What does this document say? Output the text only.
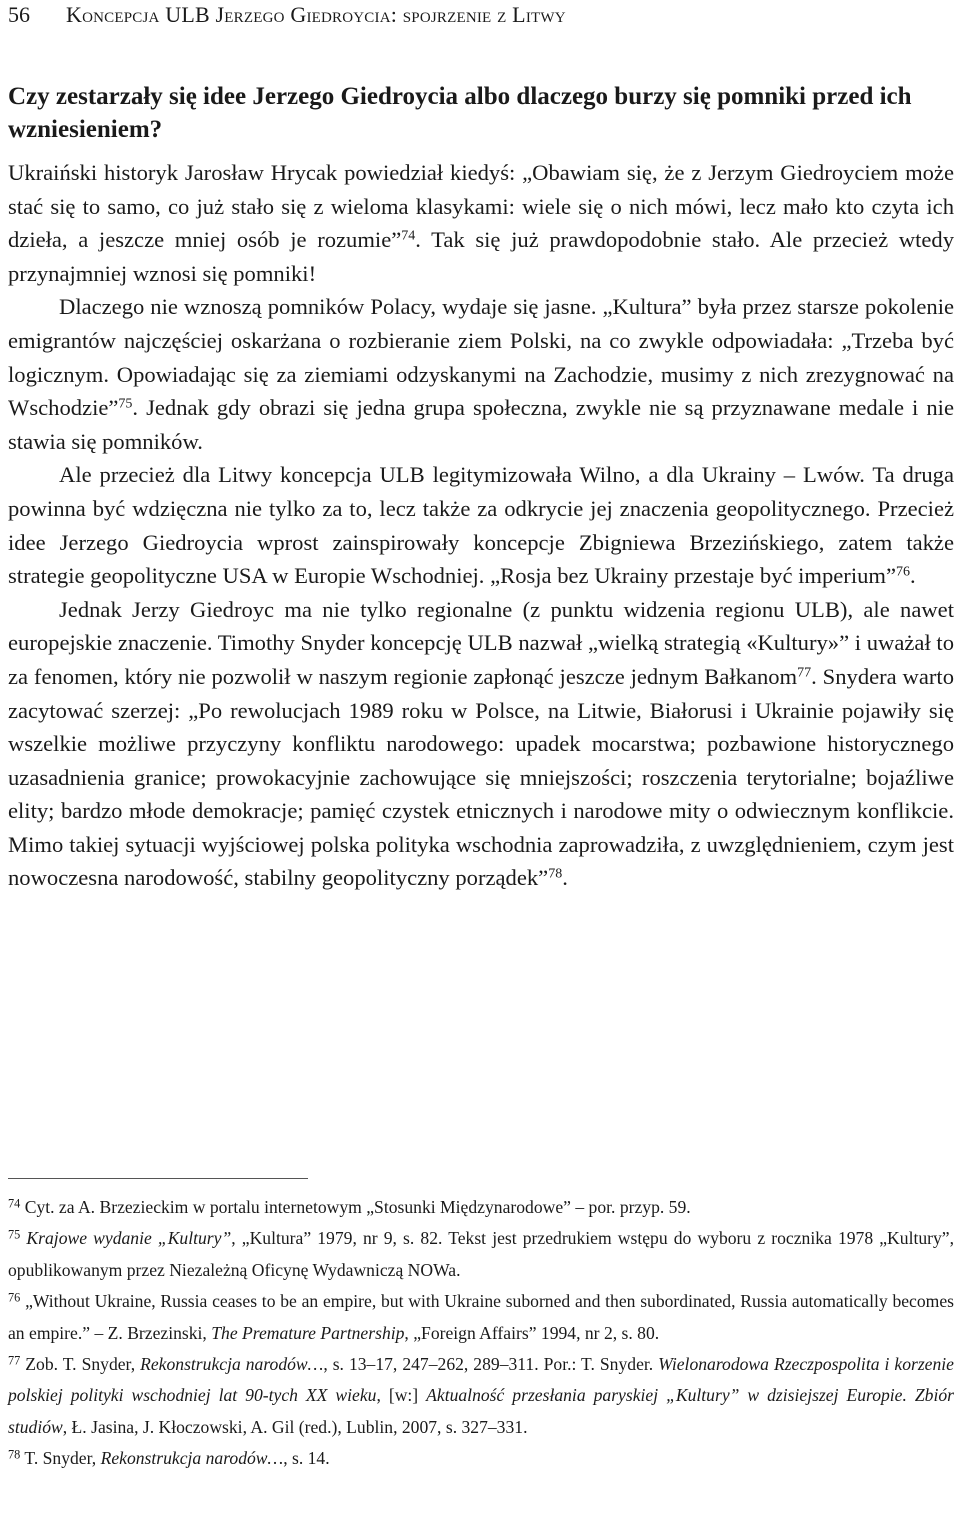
56 Koncepcja ULB Jerzego Giedroycia: spojrzenie z Litwy
Czy zestarzały się idee Jerzego Giedroycia albo dlaczego burzy się pomniki przed ich wzniesieniem?

Ukraiński historyk Jarosław Hrycak powiedział kiedyś: „Obawiam się, że z Jerzym Giedroyciem może stać się to samo, co już stało się z wieloma klasykami: wiele się o nich mówi, lecz mało kto czyta ich dzieła, a jeszcze mniej osób je rozumie”$^{74}$. Tak się już prawdopodobnie stało. Ale przecież wtedy przynajmniej wznosi się pomniki!

Dlaczego nie wznoszą pomników Polacy, wydaje się jasne. „Kultura” była przez starsze pokolenie emigrantów najczęściej oskarżana o rozbieranie ziem Polski, na co zwykle odpowiadała: „Trzeba być logicznym. Opowiadając się za ziemiami odzyskanymi na Zachodzie, musimy z nich zrezygnować na Wschodzie”$^{75}$. Jednak gdy obrazi się jedna grupa społeczna, zwykle nie są przyznawane medale i nie stawia się pomników.

Ale przecież dla Litwy koncepcja ULB legitymizowała Wilno, a dla Ukrainy – Lwów. Ta druga powinna być wdzięczna nie tylko za to, lecz także za odkrycie jej znaczenia geopolitycznego. Przecież idee Jerzego Giedroycia wprost zainspirowały koncepcje Zbigniewa Brzezińskiego, zatem także strategie geopolityczne USA w Europie Wschodniej. „Rosja bez Ukrainy przestaje być imperium”$^{76}$.

Jednak Jerzy Giedroyc ma nie tylko regionalne (z punktu widzenia regionu ULB), ale nawet europejskie znaczenie. Timothy Snyder koncepcję ULB nazwał „wielką strategią «Kultury»” i uważał to za fenomen, który nie pozwolił w naszym regionie zapłonąć jeszcze jednym Bałkanom$^{77}$. Snydera warto zacytować szerzej: „Po rewolucjach 1989 roku w Polsce, na Litwie, Białorusi i Ukrainie pojawiły się wszelkie możliwe przyczyny konfliktu narodowego: upadek mocarstwa; pozbawione historycznego uzasadnienia granice; prowokacyjnie zachowujące się mniejszości; roszczenia terytorialne; bojaźliwe elity; bardzo młode demokracje; pamięć czystek etnicznych i narodowe mity o odwiecznym konflikcie. Mimo takiej sytuacji wyjściowej polska polityka wschodnia zaprowadziła, z uwzględnieniem, czym jest nowoczesna narodowość, stabilny geopolityczny porządek”$^{78}$.

$^{74}$ Cyt. za A. Brzezieckim w portalu internetowym „Stosunki Międzynarodowe” – por. przyp. 59.

$^{75}$ Krajowe wydanie „Kultury”, „Kultura” 1979, nr 9, s. 82. Tekst jest przedrukiem wstępu do wyboru z rocznika 1978 „Kultury”, opublikowanym przez Niezależną Oficynę Wydawniczą NOWa.

$^{76}$ „Without Ukraine, Russia ceases to be an empire, but with Ukraine suborned and then subordinated, Russia automatically becomes an empire.” – Z. Brzezinski, The Premature Partnership, „Foreign Affairs” 1994, nr 2, s. 80.

$^{77}$ Zob. T. Snyder, Rekonstrukcja narodów…, s. 13–17, 247–262, 289–311. Por.: T. Snyder. Wielonarodowa Rzeczpospolita i korzenie polskiej polityki wschodniej lat 90-tych XX wieku, [w:] Aktualność przesłania paryskiej „Kultury” w dzisiejszej Europie. Zbiór studiów, Ł. Jasina, J. Kłoczowski, A. Gil (red.), Lublin, 2007, s. 327–331.

$^{78}$ T. Snyder, Rekonstrukcja narodów…, s. 14.
